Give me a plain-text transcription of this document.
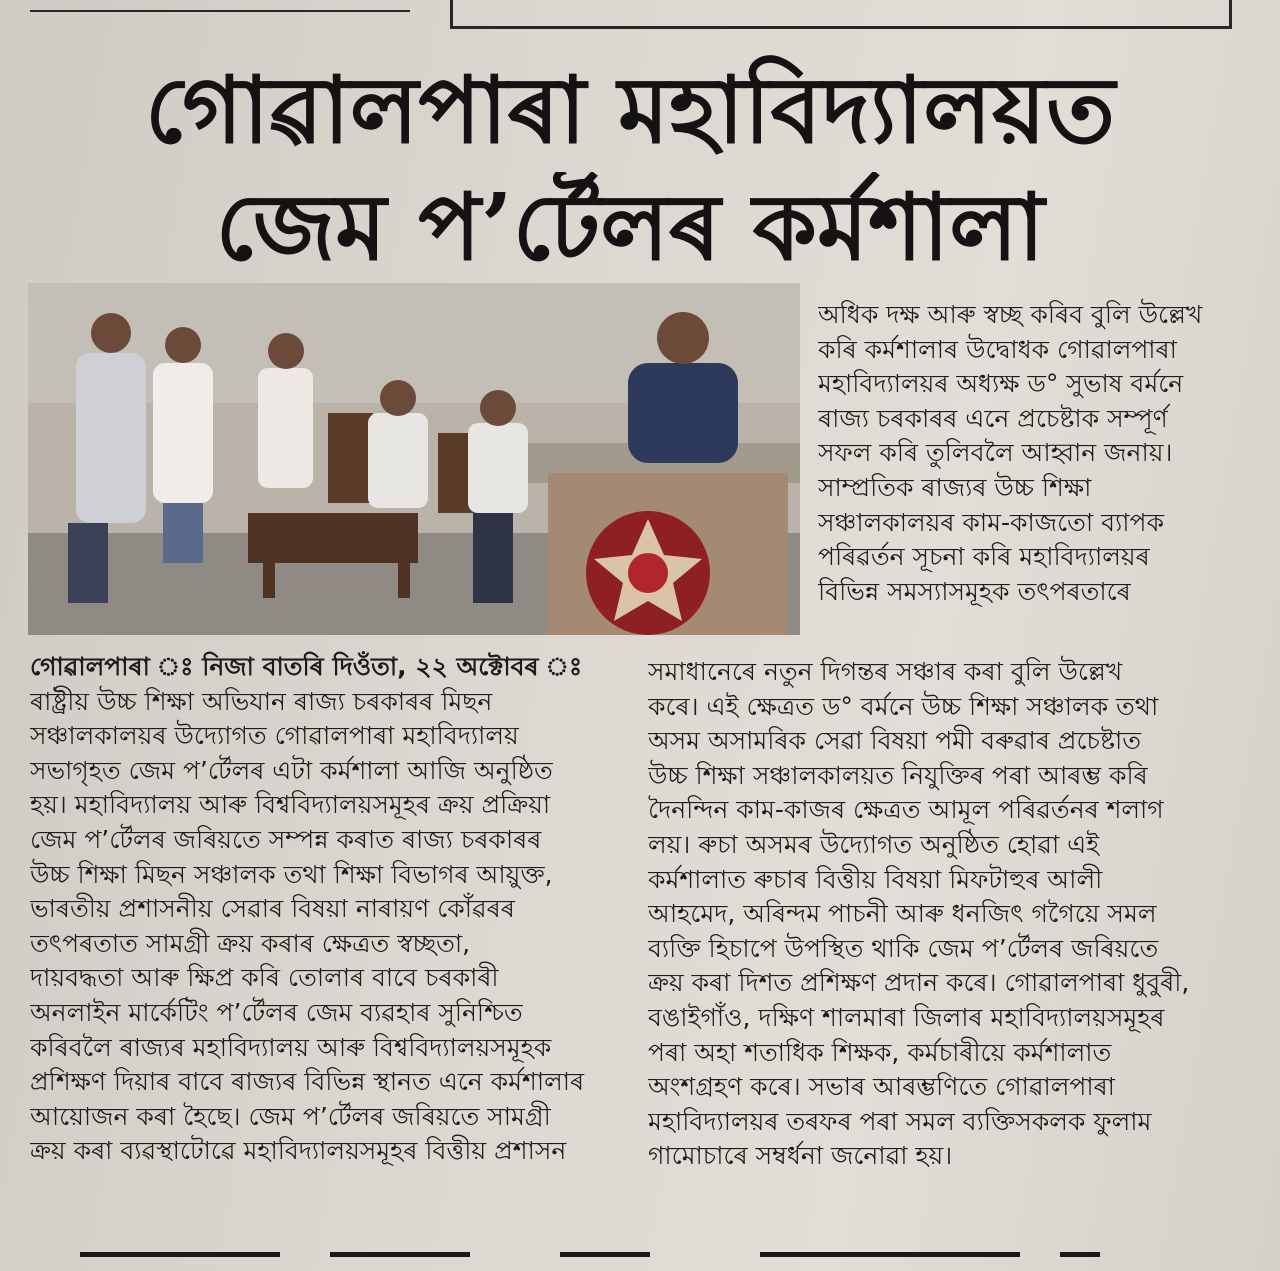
গোৱালপাৰা মহাবিদ্যালয়ত
জেম প’ৰ্টেলৰ কৰ্মশালা

অধিক দক্ষ আৰু স্বচ্ছ কৰিব বুলি উল্লেখ

কৰি কৰ্মশালাৰ উদ্বোধক গোৱালপাৰা

মহাবিদ্যালয়ৰ অধ্যক্ষ ড° সুভাষ বৰ্মনে

ৰাজ্য চৰকাৰৰ এনে প্ৰচেষ্টাক সম্পূৰ্ণ

সফল কৰি তুলিবলৈ আহ্বান জনায়।

সাম্প্ৰতিক ৰাজ্যৰ উচ্চ শিক্ষা

সঞ্চালকালয়ৰ কাম-কাজতো ব্যাপক

পৰিৱৰ্তন সূচনা কৰি মহাবিদ্যালয়ৰ

বিভিন্ন সমস্যাসমূহক তৎপৰতাৰে

গোৱালপাৰা ঃ নিজা বাতৰি দিওঁতা, ২২ অক্টোবৰ ঃ

ৰাষ্ট্ৰীয় উচ্চ শিক্ষা অভিযান ৰাজ্য চৰকাৰৰ মিছন

সঞ্চালকালয়ৰ উদ্যোগত গোৱালপাৰা মহাবিদ্যালয়

সভাগৃহত জেম প’ৰ্টেলৰ এটা কৰ্মশালা আজি অনুষ্ঠিত

হয়। মহাবিদ্যালয় আৰু বিশ্ববিদ্যালয়সমূহৰ ক্ৰয় প্ৰক্ৰিয়া

জেম প’ৰ্টেলৰ জৰিয়তে সম্পন্ন কৰাত ৰাজ্য চৰকাৰৰ

উচ্চ শিক্ষা মিছন সঞ্চালক তথা শিক্ষা বিভাগৰ আয়ুক্ত,

ভাৰতীয় প্ৰশাসনীয় সেৱাৰ বিষয়া নাৰায়ণ কোঁৱৰৰ

তৎপৰতাত সামগ্ৰী ক্ৰয় কৰাৰ ক্ষেত্ৰত স্বচ্ছতা,

দায়বদ্ধতা আৰু ক্ষিপ্ৰ কৰি তোলাৰ বাবে চৰকাৰী

অনলাইন মাৰ্কেটিং প’ৰ্টেলৰ জেম ব্যৱহাৰ সুনিশ্চিত

কৰিবলৈ ৰাজ্যৰ মহাবিদ্যালয় আৰু বিশ্ববিদ্যালয়সমূহক

প্ৰশিক্ষণ দিয়াৰ বাবে ৰাজ্যৰ বিভিন্ন স্থানত এনে কৰ্মশালাৰ

আয়োজন কৰা হৈছে। জেম প’ৰ্টেলৰ জৰিয়তে সামগ্ৰী

ক্ৰয় কৰা ব্যৱস্থাটোৱে মহাবিদ্যালয়সমূহৰ বিত্তীয় প্ৰশাসন

সমাধানেৰে নতুন দিগন্তৰ সঞ্চাৰ কৰা বুলি উল্লেখ

কৰে। এই ক্ষেত্ৰত ড° বৰ্মনে উচ্চ শিক্ষা সঞ্চালক তথা

অসম অসামৰিক সেৱা বিষয়া পমী বৰুৱাৰ প্ৰচেষ্টাত

উচ্চ শিক্ষা সঞ্চালকালয়ত নিযুক্তিৰ পৰা আৰম্ভ কৰি

দৈনন্দিন কাম-কাজৰ ক্ষেত্ৰত আমূল পৰিৱৰ্তনৰ শলাগ

লয়। ৰুচা অসমৰ উদ্যোগত অনুষ্ঠিত হোৱা এই

কৰ্মশালাত ৰুচাৰ বিত্তীয় বিষয়া মিফটাহুৰ আলী

আহমেদ, অৰিন্দম পাচনী আৰু ধনজিৎ গগৈয়ে সমল

ব্যক্তি হিচাপে উপস্থিত থাকি জেম প’ৰ্টেলৰ জৰিয়তে

ক্ৰয় কৰা দিশত প্ৰশিক্ষণ প্ৰদান কৰে। গোৱালপাৰা ধুবুৰী,

বঙাইগাঁও, দক্ষিণ শালমাৰা জিলাৰ মহাবিদ্যালয়সমূহৰ

পৰা অহা শতাধিক শিক্ষক, কৰ্মচাৰীয়ে কৰ্মশালাত

অংশগ্ৰহণ কৰে। সভাৰ আৰম্ভণিতে গোৱালপাৰা

মহাবিদ্যালয়ৰ তৰফৰ পৰা সমল ব্যক্তিসকলক ফুলাম

গামোচাৰে সম্বৰ্ধনা জনোৱা হয়।
